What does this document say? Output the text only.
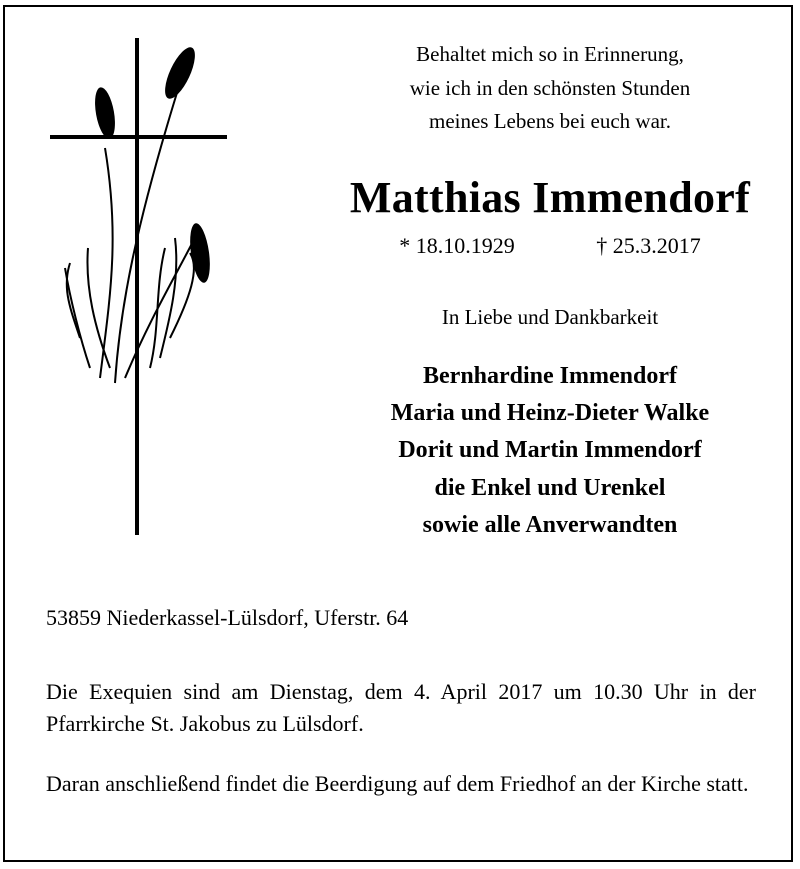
Behaltet mich so in Erinnerung,
wie ich in den schönsten Stunden
meines Lebens bei euch war.
Matthias Immendorf
* 18.10.1929	† 25.3.2017
In Liebe und Dankbarkeit
Bernhardine Immendorf
Maria und Heinz-Dieter Walke
Dorit und Martin Immendorf
die Enkel und Urenkel
sowie alle Anverwandten
53859 Niederkassel-Lülsdorf, Uferstr. 64
Die Exequien sind am Dienstag, dem 4. April 2017 um 10.30 Uhr in der Pfarrkirche St. Jakobus zu Lülsdorf.
Daran anschließend findet die Beerdigung auf dem Friedhof an der Kirche statt.
